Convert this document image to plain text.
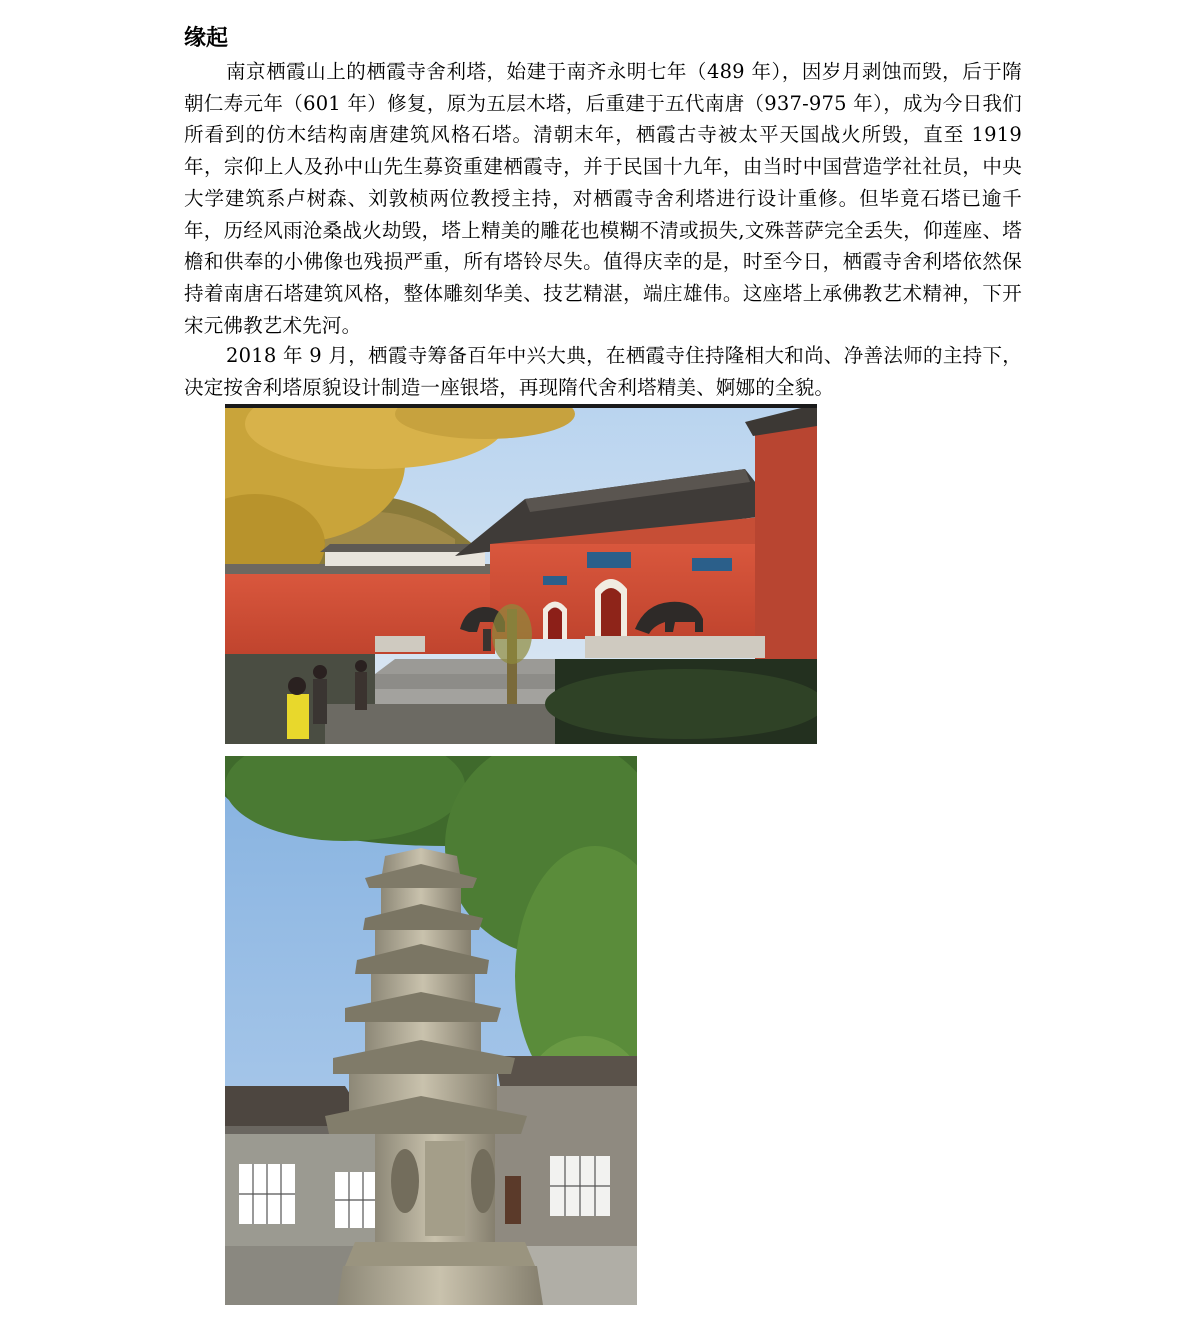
缘起

南京栖霞山上的栖霞寺舍利塔，始建于南齐永明七年（489 年），因岁月剥蚀而毁，后于隋朝仁寿元年（601 年）修复，原为五层木塔，后重建于五代南唐（937-975 年），成为今日我们所看到的仿木结构南唐建筑风格石塔。清朝末年，栖霞古寺被太平天国战火所毁，直至 1919 年，宗仰上人及孙中山先生募资重建栖霞寺，并于民国十九年，由当时中国营造学社社员，中央大学建筑系卢树森、刘敦桢两位教授主持，对栖霞寺舍利塔进行设计重修。但毕竟石塔已逾千年，历经风雨沧桑战火劫毁，塔上精美的雕花也模糊不清或损失,文殊菩萨完全丢失，仰莲座、塔檐和供奉的小佛像也残损严重，所有塔铃尽失。值得庆幸的是，时至今日，栖霞寺舍利塔依然保持着南唐石塔建筑风格，整体雕刻华美、技艺精湛，端庄雄伟。这座塔上承佛教艺术精神，下开宋元佛教艺术先河。

2018 年 9 月，栖霞寺筹备百年中兴大典，在栖霞寺住持隆相大和尚、净善法师的主持下，决定按舍利塔原貌设计制造一座银塔，再现隋代舍利塔精美、婀娜的全貌。
